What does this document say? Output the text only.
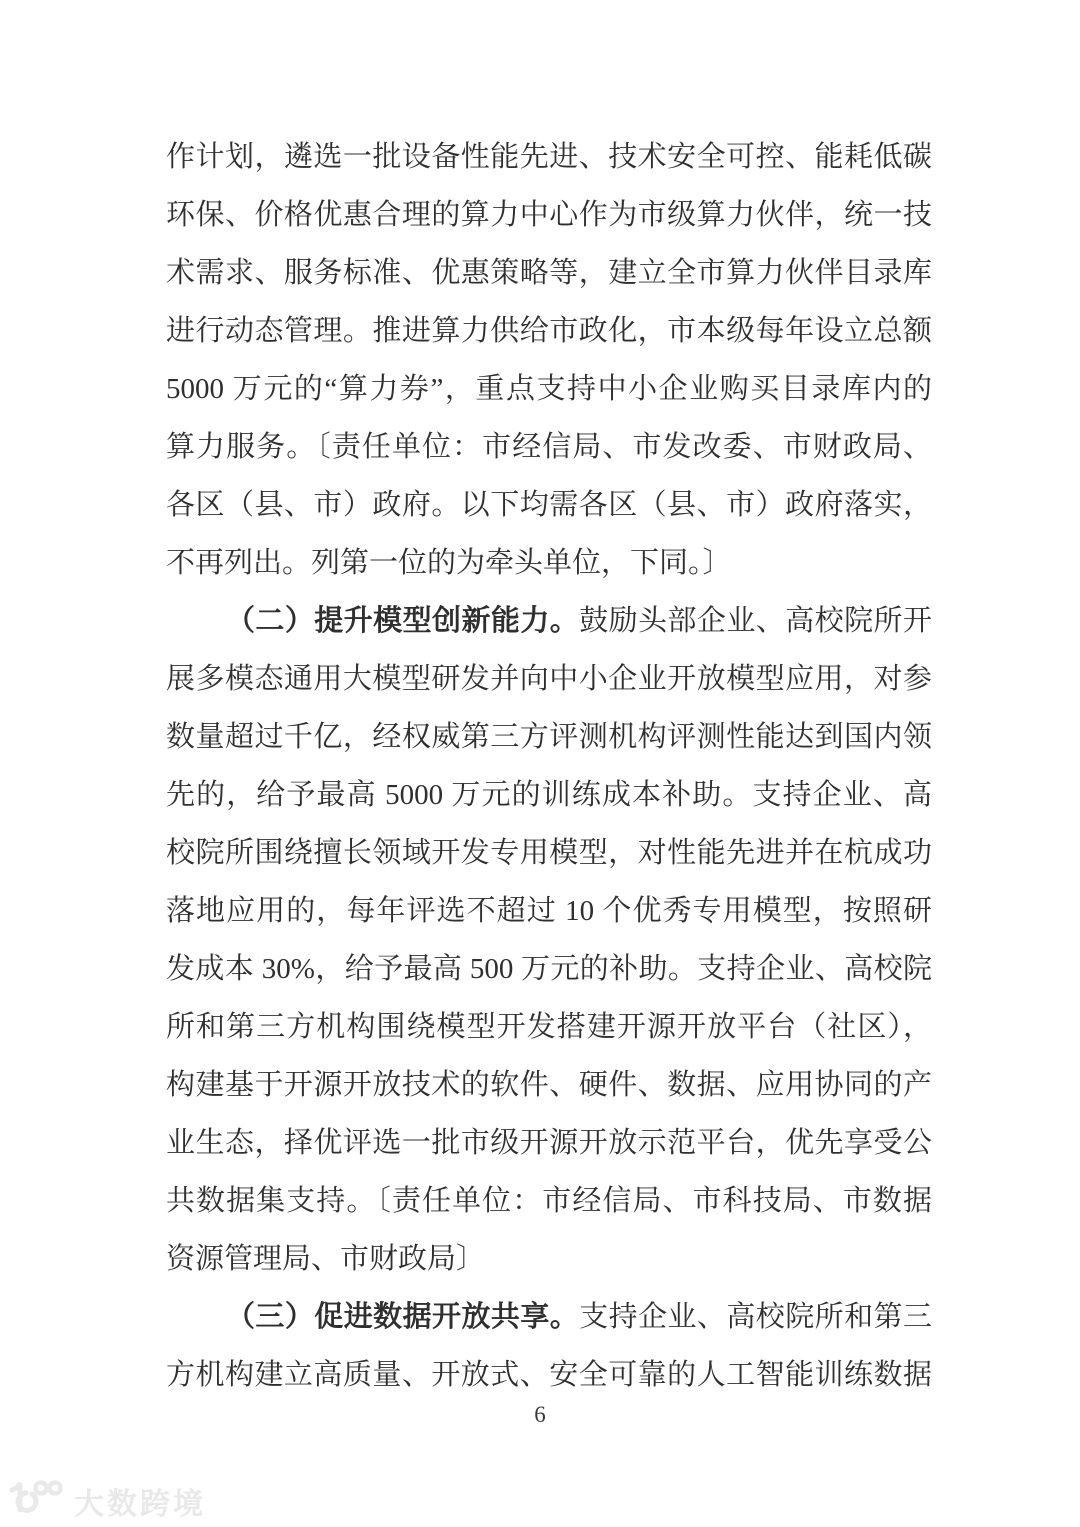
作计划，遴选一批设备性能先进、技术安全可控、能耗低碳
环保、价格优惠合理的算力中心作为市级算力伙伴，统一技
术需求、服务标准、优惠策略等，建立全市算力伙伴目录库
进行动态管理。推进算力供给市政化，市本级每年设立总额
5000 万元的“算力券”，重点支持中小企业购买目录库内的
算力服务。〔责任单位：市经信局、市发改委、市财政局、
各区（县、市）政府。以下均需各区（县、市）政府落实，
不再列出。列第一位的为牵头单位，下同。〕
（二）提升模型创新能力。鼓励头部企业、高校院所开
展多模态通用大模型研发并向中小企业开放模型应用，对参
数量超过千亿，经权威第三方评测机构评测性能达到国内领
先的，给予最高 5000 万元的训练成本补助。支持企业、高
校院所围绕擅长领域开发专用模型，对性能先进并在杭成功
落地应用的，每年评选不超过 10 个优秀专用模型，按照研
发成本 30%，给予最高 500 万元的补助。支持企业、高校院
所和第三方机构围绕模型开发搭建开源开放平台（社区），
构建基于开源开放技术的软件、硬件、数据、应用协同的产
业生态，择优评选一批市级开源开放示范平台，优先享受公
共数据集支持。〔责任单位：市经信局、市科技局、市数据
资源管理局、市财政局〕
（三）促进数据开放共享。支持企业、高校院所和第三
方机构建立高质量、开放式、安全可靠的人工智能训练数据
6
大数跨境
